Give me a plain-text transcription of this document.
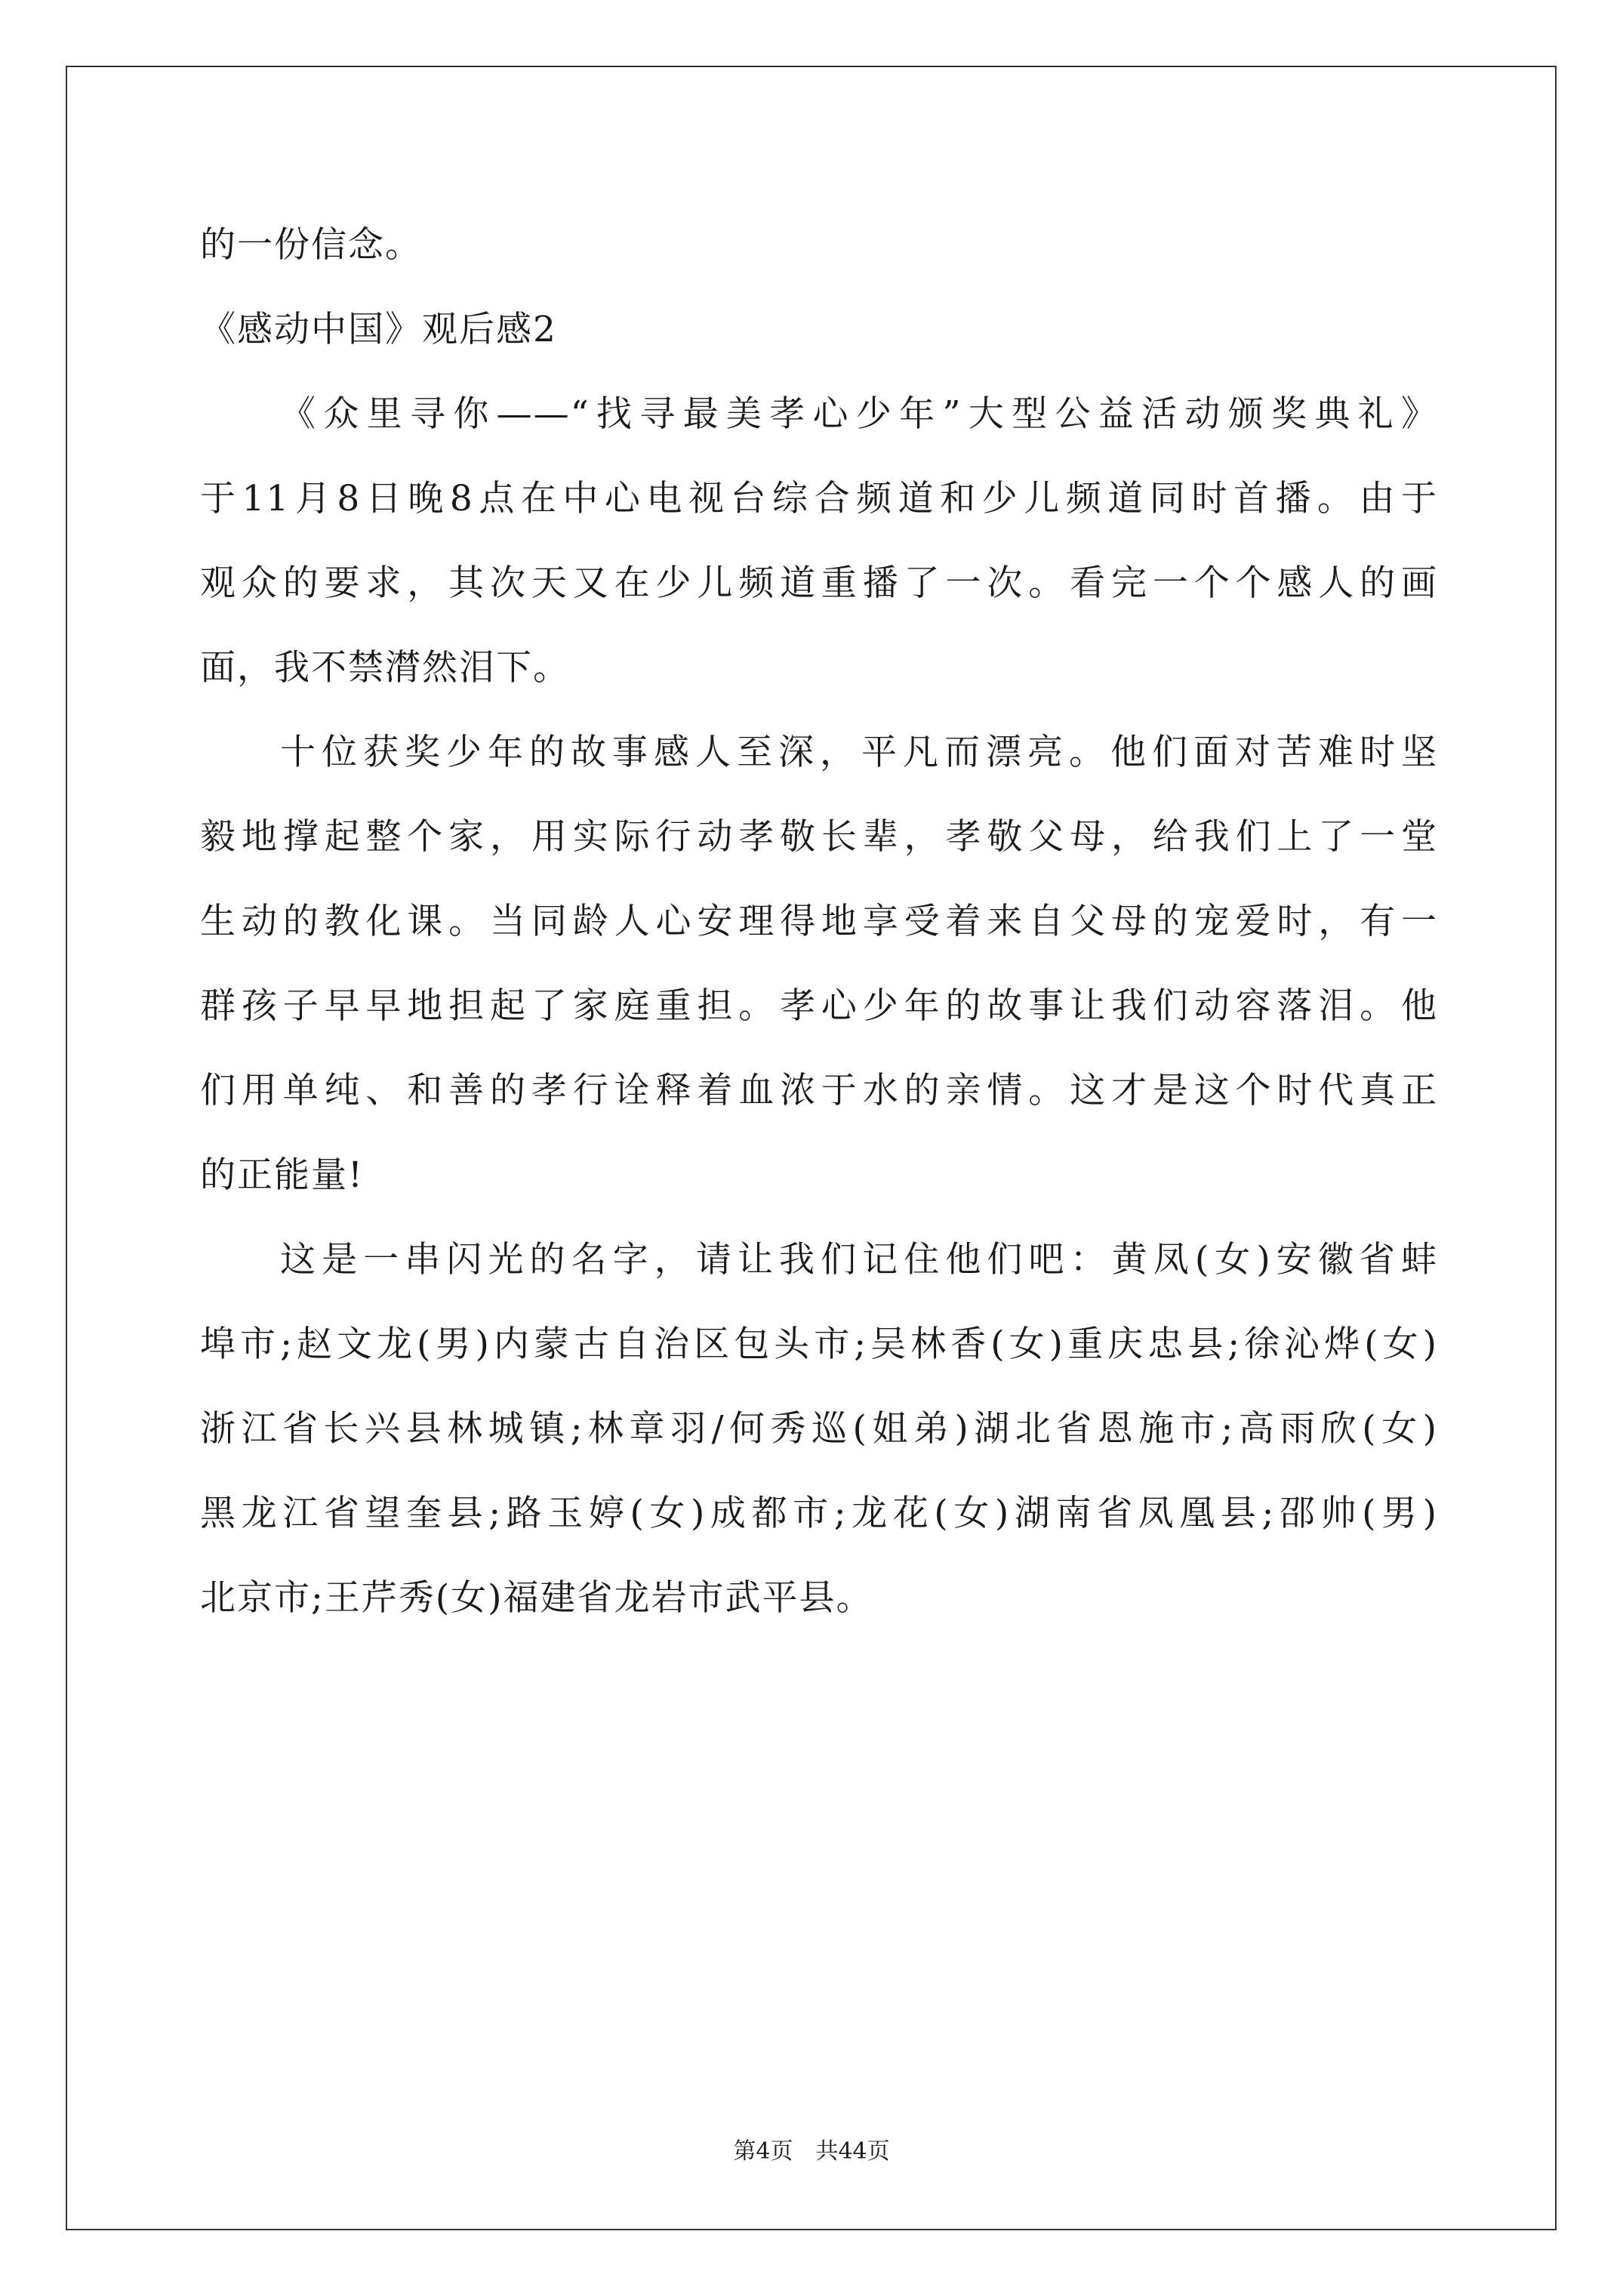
的一份信念。
《感动中国》观后感2
《众里寻你——“找寻最美孝心少年”大型公益活动颁奖典礼》
于11月8日晚8点在中心电视台综合频道和少儿频道同时首播。由于
观众的要求，其次天又在少儿频道重播了一次。看完一个个感人的画
面，我不禁潸然泪下。
十位获奖少年的故事感人至深，平凡而漂亮。他们面对苦难时坚
毅地撑起整个家，用实际行动孝敬长辈，孝敬父母，给我们上了一堂
生动的教化课。当同龄人心安理得地享受着来自父母的宠爱时，有一
群孩子早早地担起了家庭重担。孝心少年的故事让我们动容落泪。他
们用单纯、和善的孝行诠释着血浓于水的亲情。这才是这个时代真正
的正能量!
这是一串闪光的名字，请让我们记住他们吧：黄凤(女)安徽省蚌
埠市;赵文龙(男)内蒙古自治区包头市;吴林香(女)重庆忠县;徐沁烨(女)
浙江省长兴县林城镇;林章羽/何秀巡(姐弟)湖北省恩施市;高雨欣(女)
黑龙江省望奎县;路玉婷(女)成都市;龙花(女)湖南省凤凰县;邵帅(男)
北京市;王芹秀(女)福建省龙岩市武平县。
第4页　共44页
